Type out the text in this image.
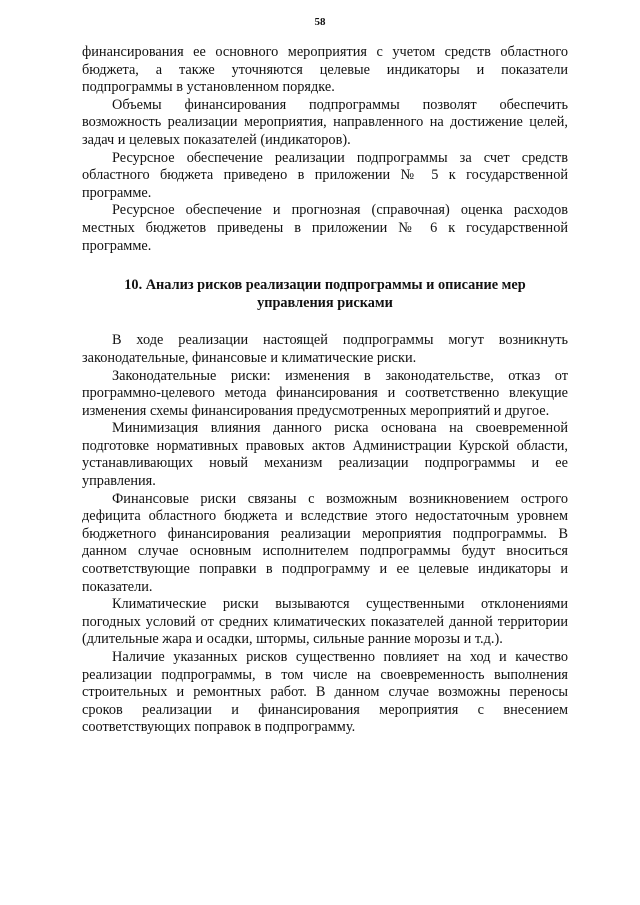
58

финансирования ее основного мероприятия с учетом средств областного бюджета, а также уточняются целевые индикаторы и показатели подпрограммы в установленном порядке.

Объемы финансирования подпрограммы позволят обеспечить возможность реализации мероприятия, направленного на достижение целей, задач и целевых показателей (индикаторов).

Ресурсное обеспечение реализации подпрограммы за счет средств областного бюджета приведено в приложении № 5 к государственной программе.

Ресурсное обеспечение и прогнозная (справочная) оценка расходов местных бюджетов приведены в приложении № 6 к государственной программе.

10. Анализ рисков реализации подпрограммы и описание мер управления рисками

В ходе реализации настоящей подпрограммы могут возникнуть законодательные, финансовые и климатические риски.

Законодательные риски: изменения в законодательстве, отказ от программно-целевого метода финансирования и соответственно влекущие изменения схемы финансирования предусмотренных мероприятий и другое.

Минимизация влияния данного риска основана на своевременной подготовке нормативных правовых актов Администрации Курской области, устанавливающих новый механизм реализации подпрограммы и ее управления.

Финансовые риски связаны с возможным возникновением острого дефицита областного бюджета и вследствие этого недостаточным уровнем бюджетного финансирования реализации мероприятия подпрограммы. В данном случае основным исполнителем подпрограммы будут вноситься соответствующие поправки в подпрограмму и ее целевые индикаторы и показатели.

Климатические риски вызываются существенными отклонениями погодных условий от средних климатических показателей данной территории (длительные жара и осадки, штормы, сильные ранние морозы и т.д.).

Наличие указанных рисков существенно повлияет на ход и качество реализации подпрограммы, в том числе на своевременность выполнения строительных и ремонтных работ. В данном случае возможны переносы сроков реализации и финансирования мероприятия с внесением соответствующих поправок в подпрограмму.
